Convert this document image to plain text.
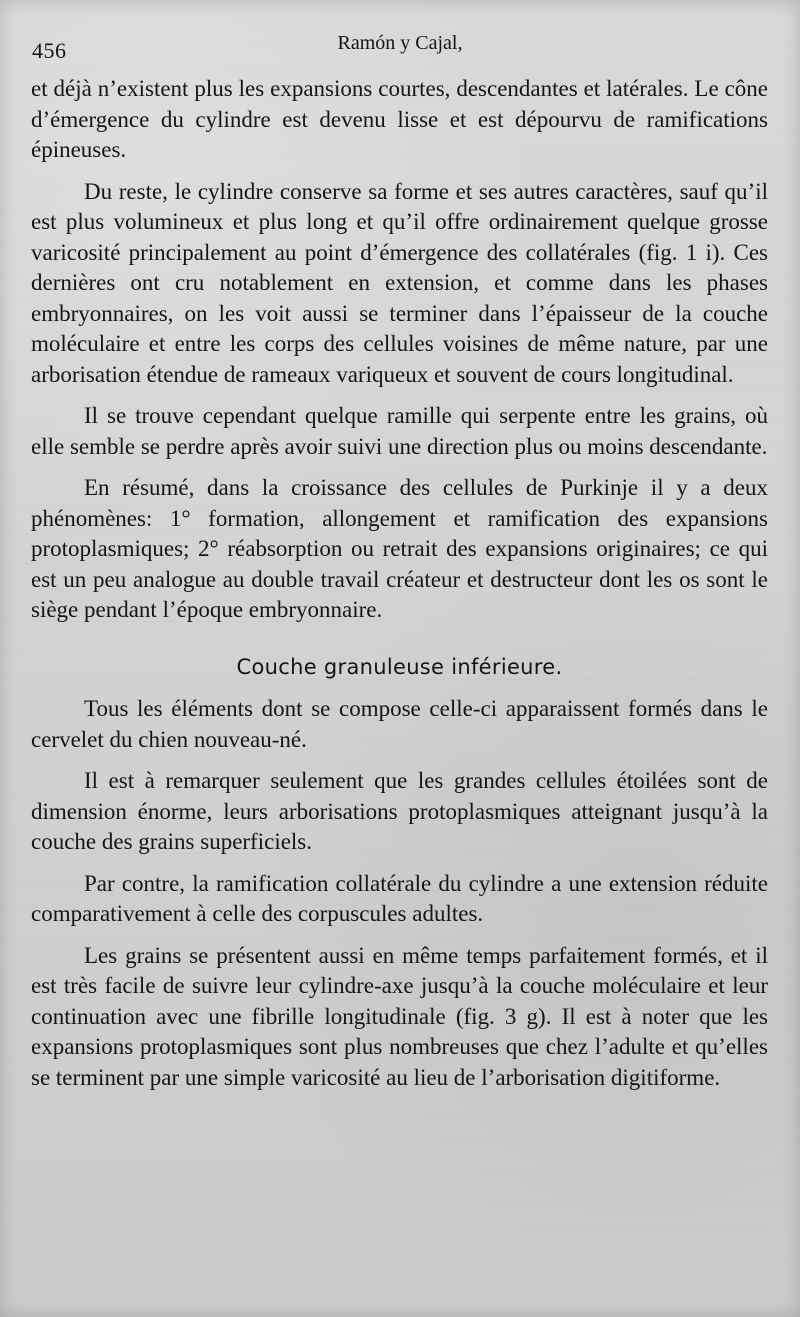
456	Ramón y Cajal,

et déjà n’existent plus les expansions courtes, descendantes et latérales. Le cône d’émergence du cylindre est devenu lisse et est dépourvu de ramifications épineuses.

Du reste, le cylindre conserve sa forme et ses autres caractères, sauf qu’il est plus volumineux et plus long et qu’il offre ordinairement quelque grosse varicosité principalement au point d’émergence des collatérales (fig. 1 i). Ces dernières ont cru notablement en extension, et comme dans les phases embryonnaires, on les voit aussi se terminer dans l’épaisseur de la couche moléculaire et entre les corps des cellules voisines de même nature, par une arborisation étendue de rameaux variqueux et souvent de cours longitudinal.

Il se trouve cependant quelque ramille qui serpente entre les grains, où elle semble se perdre après avoir suivi une direction plus ou moins descendante.

En résumé, dans la croissance des cellules de Purkinje il y a deux phénomènes: 1° formation, allongement et ramification des expansions protoplasmiques; 2° réabsorption ou retrait des expansions originaires; ce qui est un peu analogue au double travail créateur et destructeur dont les os sont le siège pendant l’époque embryonnaire.

Couche granuleuse inférieure.

Tous les éléments dont se compose celle-ci apparaissent formés dans le cervelet du chien nouveau-né.

Il est à remarquer seulement que les grandes cellules étoilées sont de dimension énorme, leurs arborisations protoplasmiques atteignant jusqu’à la couche des grains superficiels.

Par contre, la ramification collatérale du cylindre a une extension réduite comparativement à celle des corpuscules adultes.

Les grains se présentent aussi en même temps parfaitement formés, et il est très facile de suivre leur cylindre-axe jusqu’à la couche moléculaire et leur continuation avec une fibrille longitudinale (fig. 3 g). Il est à noter que les expansions protoplasmiques sont plus nombreuses que chez l’adulte et qu’elles se terminent par une simple varicosité au lieu de l’arborisation digitiforme.
